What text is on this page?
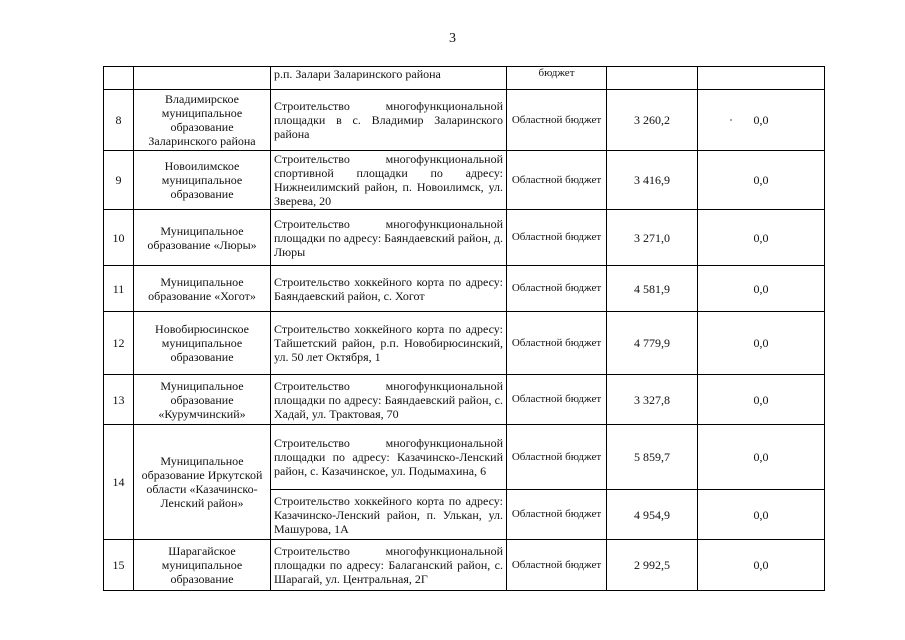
3
		р.п. Залари Заларинского района	бюджет		
8	Владимирское муниципальное образование Заларинского района	Строительство многофункциональной площадки в с. Владимир Заларинского района	Областной бюджет	3 260,2	0,0
9	Новоилимское муниципальное образование	Строительство многофункциональной спортивной площадки по адресу: Нижнеилимский район, п. Новоилимск, ул. Зверева, 20	Областной бюджет	3 416,9	0,0
10	Муниципальное образование «Люры»	Строительство многофункциональной площадки по адресу: Баяндаевский район, д. Люры	Областной бюджет	3 271,0	0,0
11	Муниципальное образование «Хогот»	Строительство хоккейного корта по адресу: Баяндаевский район, с. Хогот	Областной бюджет	4 581,9	0,0
12	Новобирюсинское муниципальное образование	Строительство хоккейного корта по адресу: Тайшетский район, р.п. Новобирюсинский, ул. 50 лет Октября, 1	Областной бюджет	4 779,9	0,0
13	Муниципальное образование «Курумчинский»	Строительство многофункциональной площадки по адресу: Баяндаевский район, с. Хадай, ул. Трактовая, 70	Областной бюджет	3 327,8	0,0
14	Муниципальное образование Иркутской области «Казачинско-Ленский район»	Строительство многофункциональной площадки по адресу: Казачинско-Ленский район, с. Казачинское, ул. Подымахина, 6	Областной бюджет	5 859,7	0,0
		Строительство хоккейного корта по адресу: Казачинско-Ленский район, п. Улькан, ул. Машурова, 1А	Областной бюджет	4 954,9	0,0
15	Шарагайское муниципальное образование	Строительство многофункциональной площадки по адресу: Балаганский район, с. Шарагай, ул. Центральная, 2Г	Областной бюджет	2 992,5	0,0
